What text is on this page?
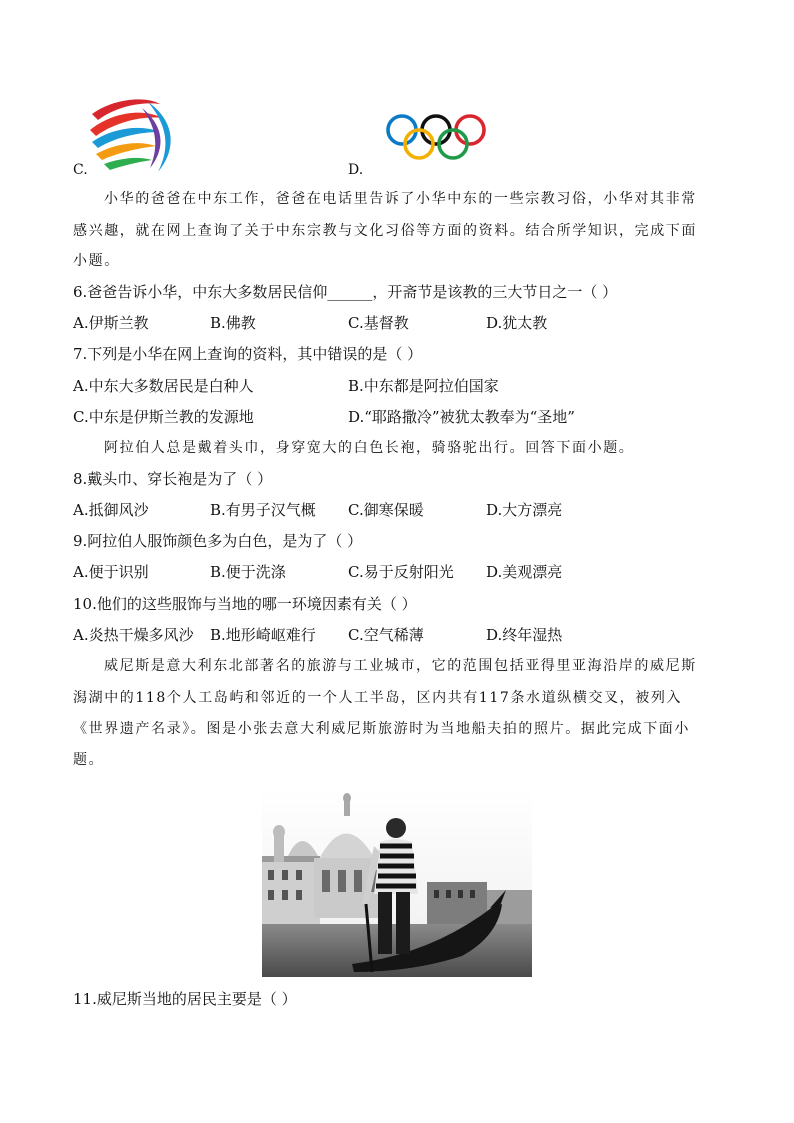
C.	D.
小华的爸爸在中东工作，爸爸在电话里告诉了小华中东的一些宗教习俗，小华对其非常
感兴趣，就在网上查询了关于中东宗教与文化习俗等方面的资料。结合所学知识，完成下面
小题。
6.爸爸告诉小华，中东大多数居民信仰______，开斋节是该教的三大节日之一（ ）
A.伊斯兰教	B.佛教	C.基督教	D.犹太教
7.下列是小华在网上查询的资料，其中错误的是（ ）
A.中东大多数居民是白种人	B.中东都是阿拉伯国家
C.中东是伊斯兰教的发源地	D.“耶路撒冷”被犹太教奉为“圣地”
阿拉伯人总是戴着头巾，身穿宽大的白色长袍，骑骆驼出行。回答下面小题。
8.戴头巾、穿长袍是为了（ ）
A.抵御风沙	B.有男子汉气概 C.御寒保暖	D.大方漂亮
9.阿拉伯人服饰颜色多为白色，是为了（ ）
A.便于识别	B.便于洗涤	C.易于反射阳光 D.美观漂亮
10.他们的这些服饰与当地的哪一环境因素有关（ ）
A.炎热干燥多风沙 B.地形崎岖难行 C.空气稀薄	D.终年湿热
威尼斯是意大利东北部著名的旅游与工业城市，它的范围包括亚得里亚海沿岸的威尼斯
潟湖中的118个人工岛屿和邻近的一个人工半岛，区内共有117条水道纵横交叉，被列入
《世界遗产名录》。图是小张去意大利威尼斯旅游时为当地船夫拍的照片。据此完成下面小
题。
11.威尼斯当地的居民主要是（ ）
